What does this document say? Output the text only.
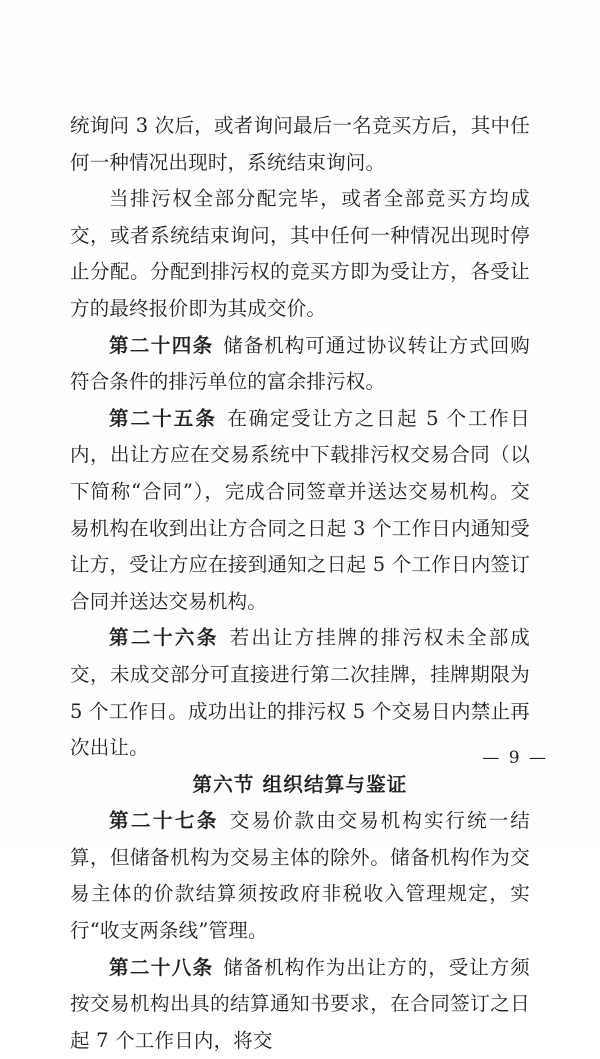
统询问 3 次后，或者询问最后一名竞买方后，其中任何一种情况出现时，系统结束询问。

当排污权全部分配完毕，或者全部竞买方均成交，或者系统结束询问，其中任何一种情况出现时停止分配。分配到排污权的竞买方即为受让方，各受让方的最终报价即为其成交价。

第二十四条 储备机构可通过协议转让方式回购符合条件的排污单位的富余排污权。

第二十五条 在确定受让方之日起 5 个工作日内，出让方应在交易系统中下载排污权交易合同（以下简称“合同”），完成合同签章并送达交易机构。交易机构在收到出让方合同之日起 3 个工作日内通知受让方，受让方应在接到通知之日起 5 个工作日内签订合同并送达交易机构。

第二十六条 若出让方挂牌的排污权未全部成交，未成交部分可直接进行第二次挂牌，挂牌期限为 5 个工作日。成功出让的排污权 5 个交易日内禁止再次出让。

第六节 组织结算与鉴证

第二十七条 交易价款由交易机构实行统一结算，但储备机构为交易主体的除外。储备机构作为交易主体的价款结算须按政府非税收入管理规定，实行“收支两条线”管理。

第二十八条 储备机构作为出让方的，受让方须按交易机构出具的结算通知书要求，在合同签订之日起 7 个工作日内，将交

— 9 —
